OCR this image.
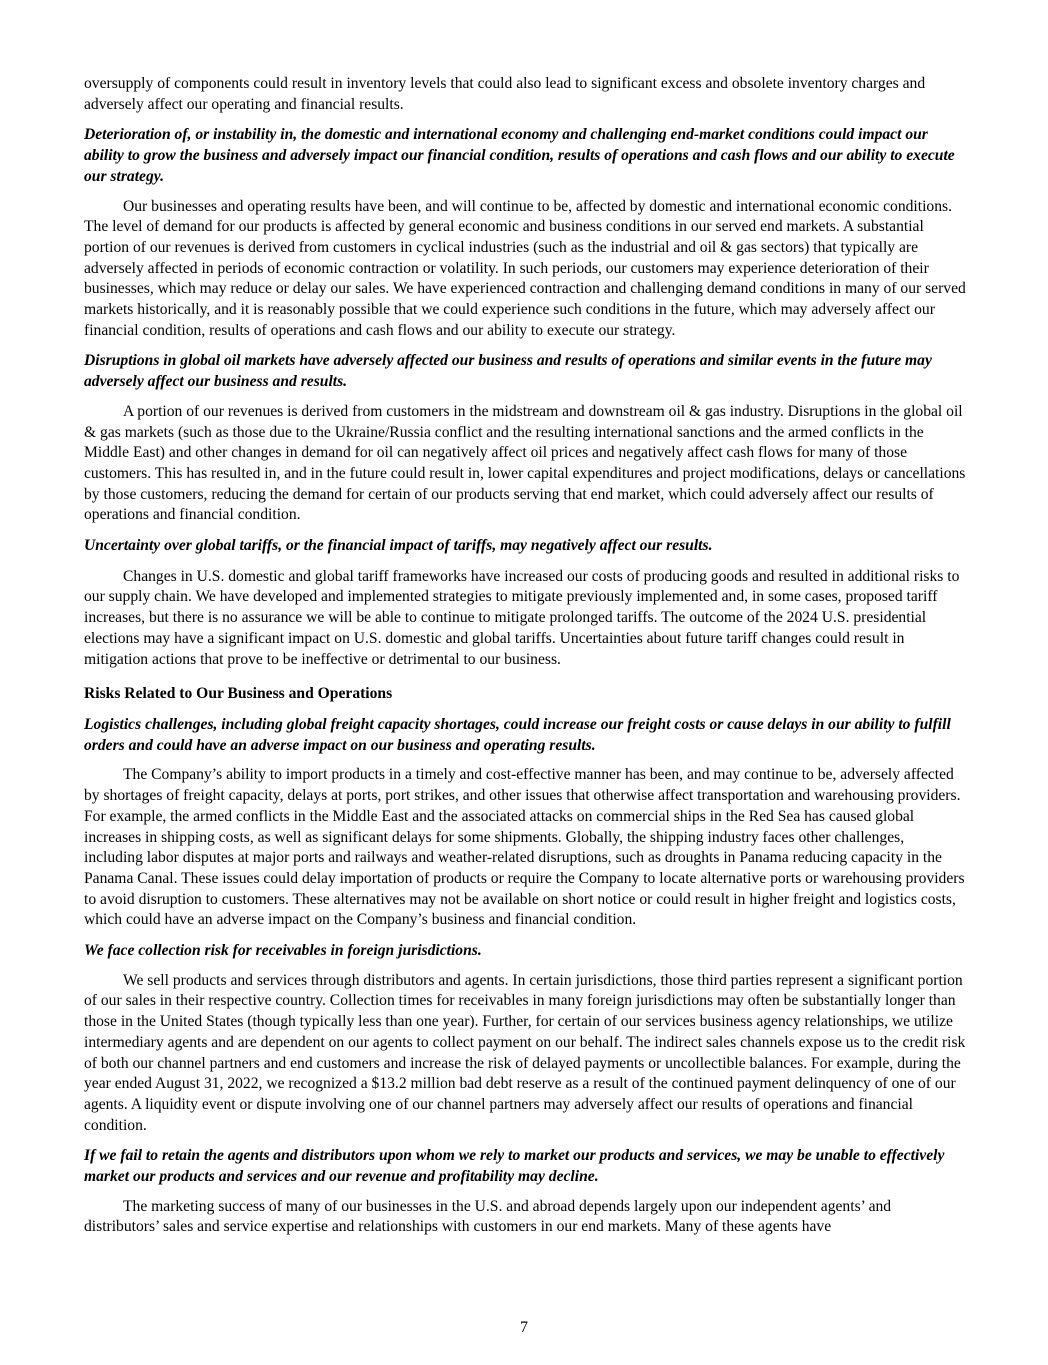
oversupply of components could result in inventory levels that could also lead to significant excess and obsolete inventory charges and adversely affect our operating and financial results.

Deterioration of, or instability in, the domestic and international economy and challenging end-market conditions could impact our ability to grow the business and adversely impact our financial condition, results of operations and cash flows and our ability to execute our strategy.

Our businesses and operating results have been, and will continue to be, affected by domestic and international economic conditions. The level of demand for our products is affected by general economic and business conditions in our served end markets. A substantial portion of our revenues is derived from customers in cyclical industries (such as the industrial and oil & gas sectors) that typically are adversely affected in periods of economic contraction or volatility. In such periods, our customers may experience deterioration of their businesses, which may reduce or delay our sales. We have experienced contraction and challenging demand conditions in many of our served markets historically, and it is reasonably possible that we could experience such conditions in the future, which may adversely affect our financial condition, results of operations and cash flows and our ability to execute our strategy.

Disruptions in global oil markets have adversely affected our business and results of operations and similar events in the future may adversely affect our business and results.

A portion of our revenues is derived from customers in the midstream and downstream oil & gas industry. Disruptions in the global oil & gas markets (such as those due to the Ukraine/Russia conflict and the resulting international sanctions and the armed conflicts in the Middle East) and other changes in demand for oil can negatively affect oil prices and negatively affect cash flows for many of those customers. This has resulted in, and in the future could result in, lower capital expenditures and project modifications, delays or cancellations by those customers, reducing the demand for certain of our products serving that end market, which could adversely affect our results of operations and financial condition.

Uncertainty over global tariffs, or the financial impact of tariffs, may negatively affect our results.

Changes in U.S. domestic and global tariff frameworks have increased our costs of producing goods and resulted in additional risks to our supply chain. We have developed and implemented strategies to mitigate previously implemented and, in some cases, proposed tariff increases, but there is no assurance we will be able to continue to mitigate prolonged tariffs. The outcome of the 2024 U.S. presidential elections may have a significant impact on U.S. domestic and global tariffs. Uncertainties about future tariff changes could result in mitigation actions that prove to be ineffective or detrimental to our business.

Risks Related to Our Business and Operations

Logistics challenges, including global freight capacity shortages, could increase our freight costs or cause delays in our ability to fulfill orders and could have an adverse impact on our business and operating results.

The Company’s ability to import products in a timely and cost-effective manner has been, and may continue to be, adversely affected by shortages of freight capacity, delays at ports, port strikes, and other issues that otherwise affect transportation and warehousing providers. For example, the armed conflicts in the Middle East and the associated attacks on commercial ships in the Red Sea has caused global increases in shipping costs, as well as significant delays for some shipments. Globally, the shipping industry faces other challenges, including labor disputes at major ports and railways and weather-related disruptions, such as droughts in Panama reducing capacity in the Panama Canal. These issues could delay importation of products or require the Company to locate alternative ports or warehousing providers to avoid disruption to customers. These alternatives may not be available on short notice or could result in higher freight and logistics costs, which could have an adverse impact on the Company’s business and financial condition.

We face collection risk for receivables in foreign jurisdictions.

We sell products and services through distributors and agents. In certain jurisdictions, those third parties represent a significant portion of our sales in their respective country. Collection times for receivables in many foreign jurisdictions may often be substantially longer than those in the United States (though typically less than one year). Further, for certain of our services business agency relationships, we utilize intermediary agents and are dependent on our agents to collect payment on our behalf. The indirect sales channels expose us to the credit risk of both our channel partners and end customers and increase the risk of delayed payments or uncollectible balances. For example, during the year ended August 31, 2022, we recognized a $13.2 million bad debt reserve as a result of the continued payment delinquency of one of our agents. A liquidity event or dispute involving one of our channel partners may adversely affect our results of operations and financial condition.

If we fail to retain the agents and distributors upon whom we rely to market our products and services, we may be unable to effectively market our products and services and our revenue and profitability may decline.

The marketing success of many of our businesses in the U.S. and abroad depends largely upon our independent agents’ and distributors’ sales and service expertise and relationships with customers in our end markets. Many of these agents have

7
